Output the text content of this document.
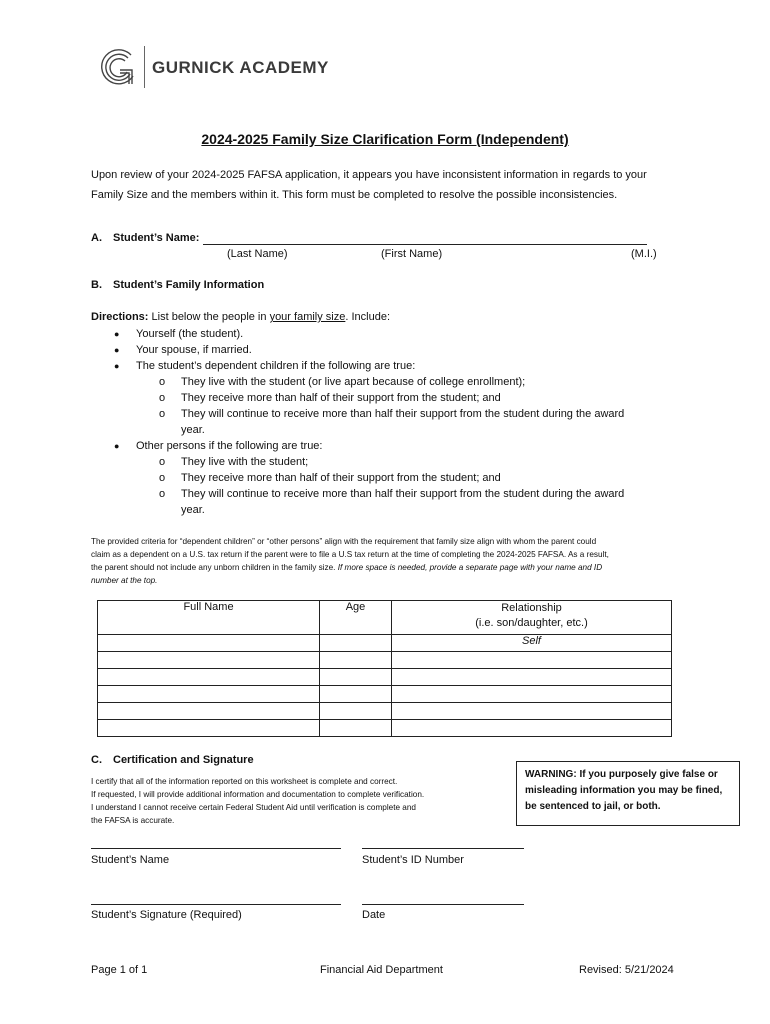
GURNICK ACADEMY
2024-2025 Family Size Clarification Form (Independent)
Upon review of your 2024-2025 FAFSA application, it appears you have inconsistent information in regards to your
Family Size and the members within it. This form must be completed to resolve the possible inconsistencies.
A. Student’s Name:
(Last Name)	(First Name)	(M.I.)
B. Student’s Family Information
Directions: List below the people in your family size. Include:
● Yourself (the student).
● Your spouse, if married.
● The student’s dependent children if the following are true:
o They live with the student (or live apart because of college enrollment);
o They receive more than half of their support from the student; and
o They will continue to receive more than half their support from the student during the award
year.
● Other persons if the following are true:
o They live with the student;
o They receive more than half of their support from the student; and
o They will continue to receive more than half their support from the student during the award
year.
The provided criteria for “dependent children” or “other persons” align with the requirement that family size align with whom the parent could
claim as a dependent on a U.S. tax return if the parent were to file a U.S tax return at the time of completing the 2024-2025 FAFSA. As a result,
the parent should not include any unborn children in the family size. If more space is needed, provide a separate page with your name and ID
number at the top.
Full Name	Age	Relationship
(i.e. son/daughter, etc.)

		Self

C. Certification and Signature
I certify that all of the information reported on this worksheet is complete and correct.
If requested, I will provide additional information and documentation to complete verification.
I understand I cannot receive certain Federal Student Aid until verification is complete and
the FAFSA is accurate.
WARNING: If you purposely give false or misleading information you may be fined, be sentenced to jail, or both.
Student’s Name	Student’s ID Number
Student’s Signature (Required)	Date
Page 1 of 1	Financial Aid Department	Revised: 5/21/2024
